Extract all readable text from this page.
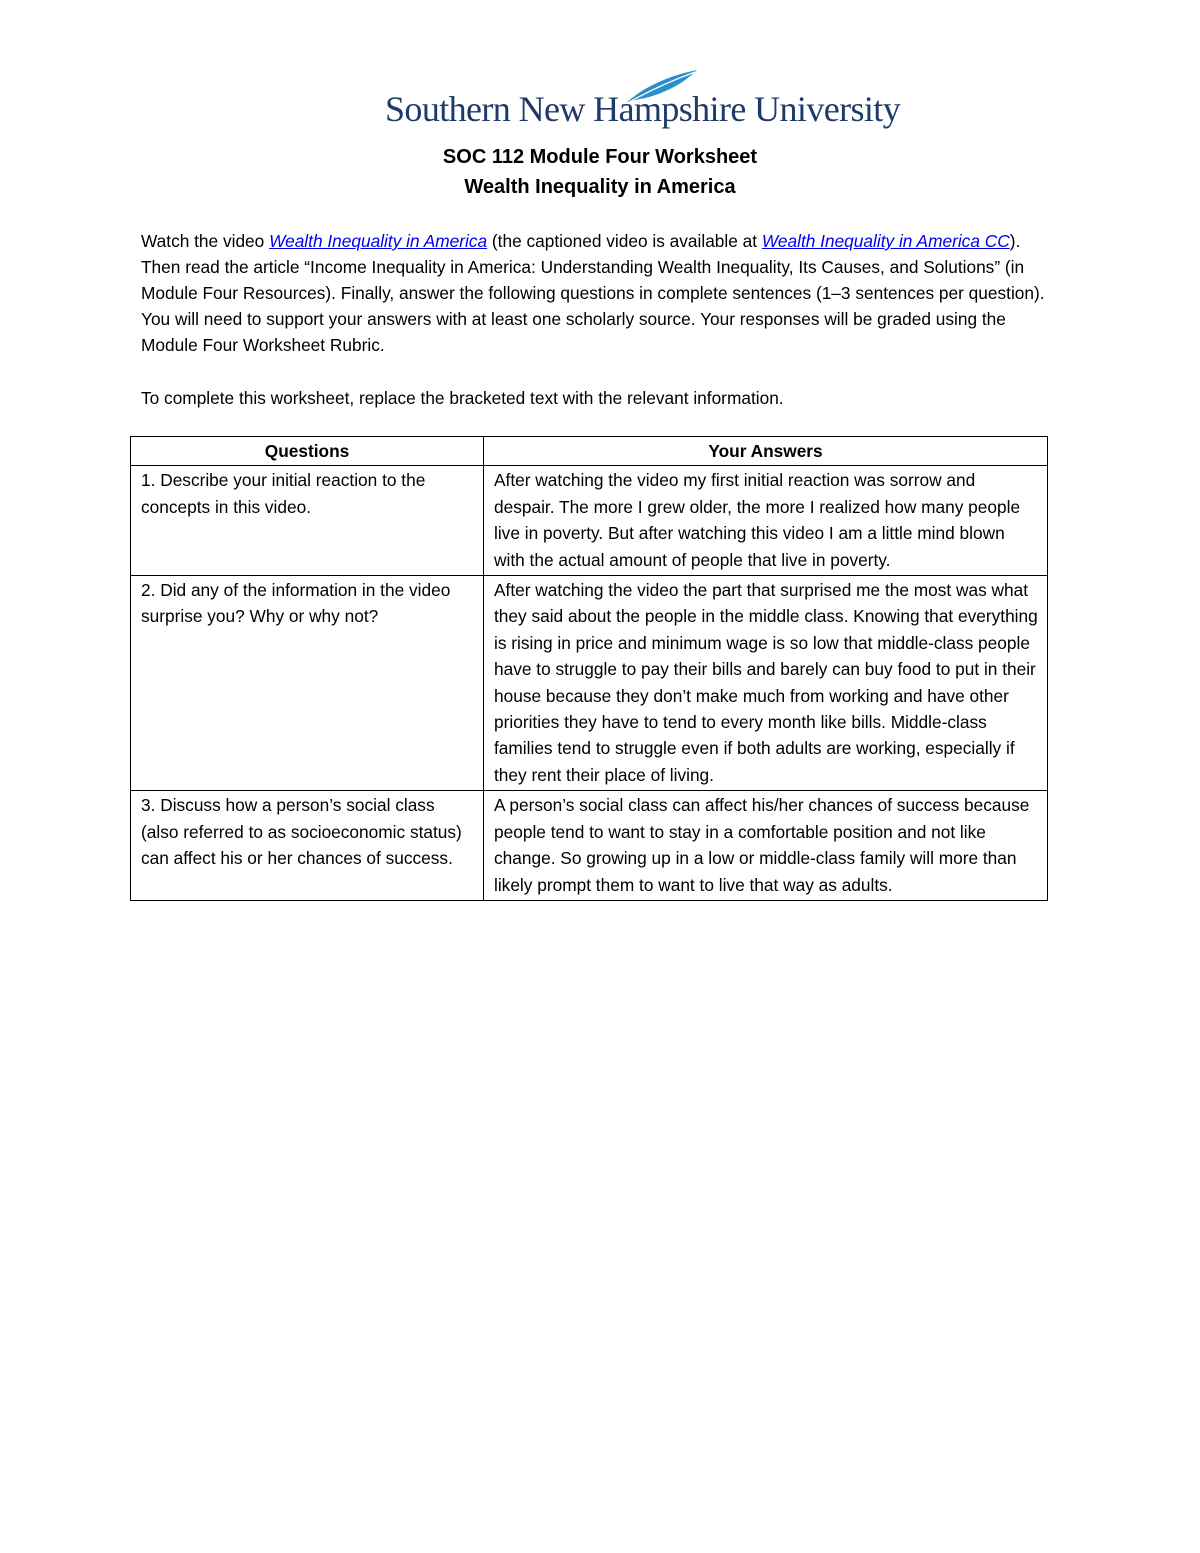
Southern New Hampshire University
SOC 112 Module Four Worksheet
Wealth Inequality in America
Watch the video Wealth Inequality in America (the captioned video is available at Wealth Inequality in America CC). Then read the article “Income Inequality in America: Understanding Wealth Inequality, Its Causes, and Solutions” (in Module Four Resources). Finally, answer the following questions in complete sentences (1–3 sentences per question). You will need to support your answers with at least one scholarly source. Your responses will be graded using the Module Four Worksheet Rubric.
To complete this worksheet, replace the bracketed text with the relevant information.
Questions	Your Answers
1. Describe your initial reaction to the concepts in this video.	After watching the video my first initial reaction was sorrow and despair. The more I grew older, the more I realized how many people live in poverty. But after watching this video I am a little mind blown with the actual amount of people that live in poverty.
2. Did any of the information in the video surprise you? Why or why not?	After watching the video the part that surprised me the most was what they said about the people in the middle class. Knowing that everything is rising in price and minimum wage is so low that middle-class people have to struggle to pay their bills and barely can buy food to put in their house because they don’t make much from working and have other priorities they have to tend to every month like bills. Middle-class families tend to struggle even if both adults are working, especially if they rent their place of living.
3. Discuss how a person’s social class (also referred to as socioeconomic status) can affect his or her chances of success.	A person’s social class can affect his/her chances of success because people tend to want to stay in a comfortable position and not like change. So growing up in a low or middle-class family will more than likely prompt them to want to live that way as adults.
